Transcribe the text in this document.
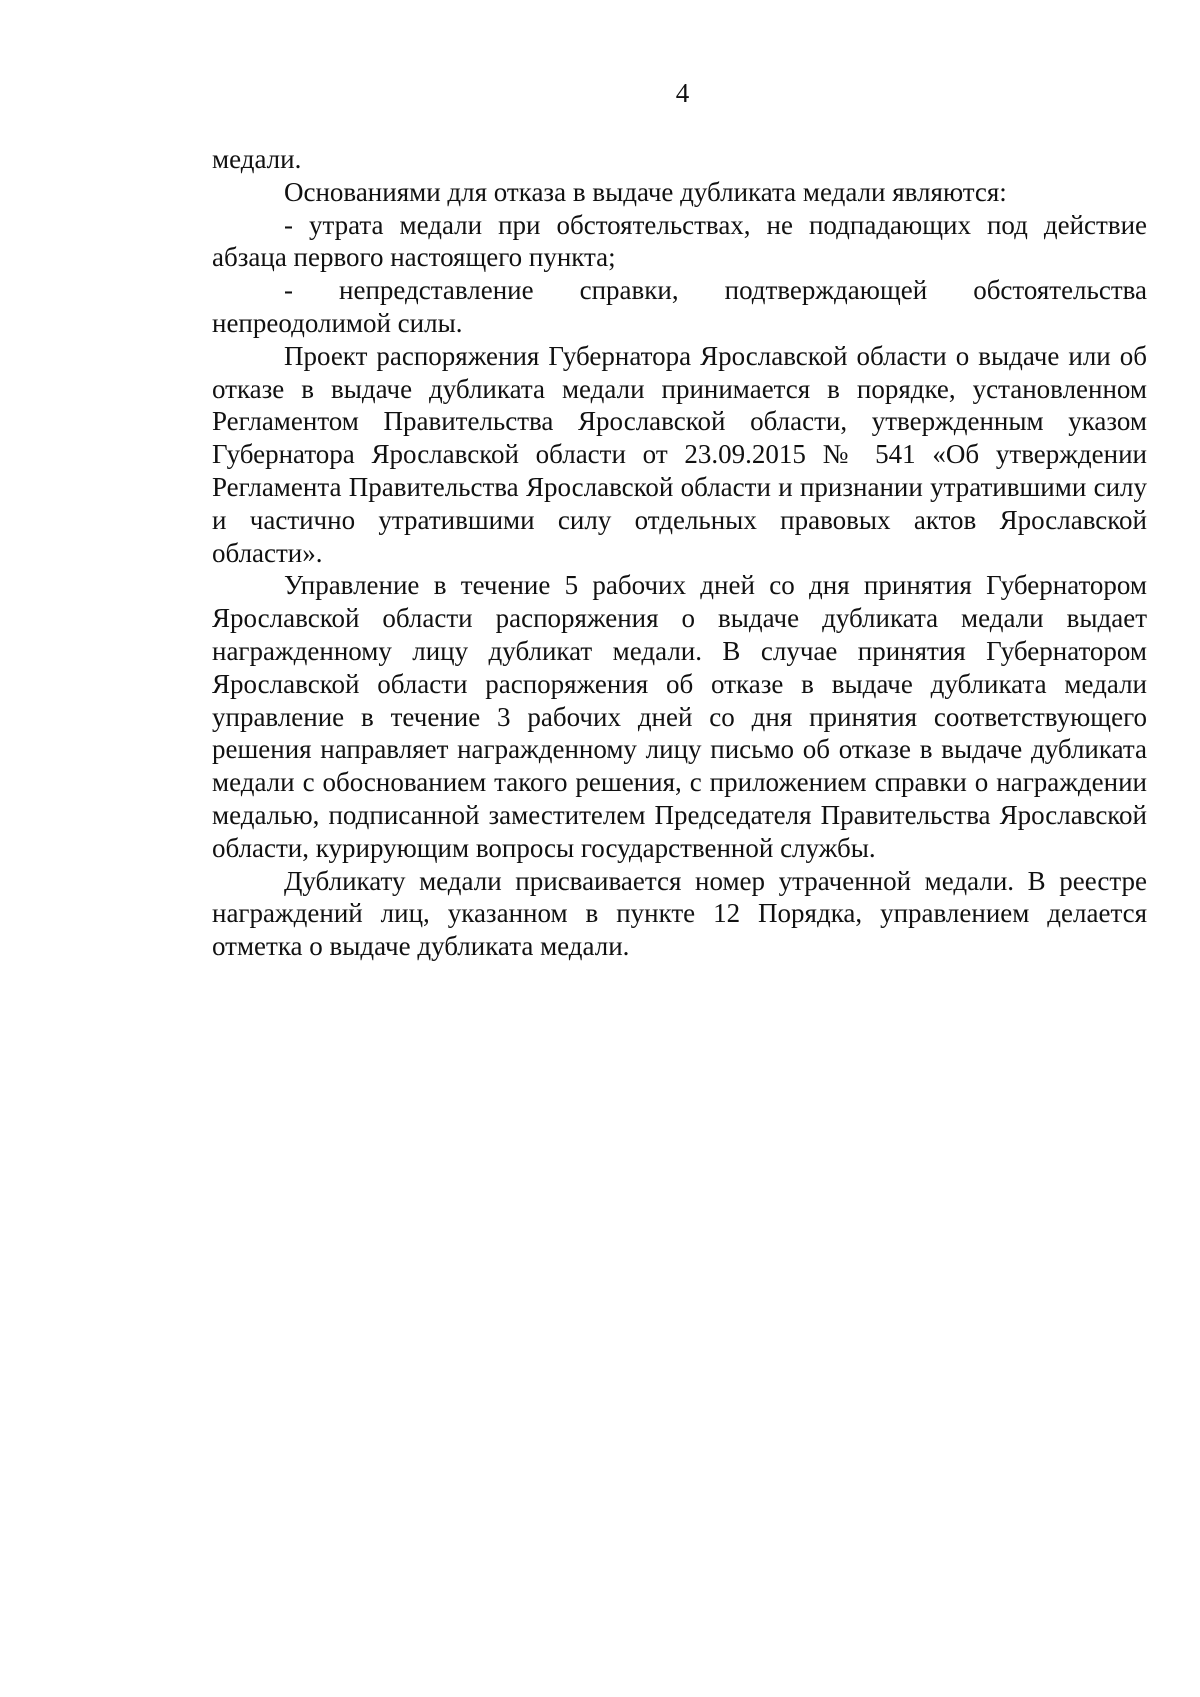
4

медали.

Основаниями для отказа в выдаче дубликата медали являются:

- утрата медали при обстоятельствах, не подпадающих под действие абзаца первого настоящего пункта;

- непредставление справки, подтверждающей обстоятельства непреодолимой силы.

Проект распоряжения Губернатора Ярославской области о выдаче или об отказе в выдаче дубликата медали принимается в порядке, установленном Регламентом Правительства Ярославской области, утвержденным указом Губернатора Ярославской области от 23.09.2015 № 541 «Об утверждении Регламента Правительства Ярославской области и признании утратившими силу и частично утратившими силу отдельных правовых актов Ярославской области».

Управление в течение 5 рабочих дней со дня принятия Губернатором Ярославской области распоряжения о выдаче дубликата медали выдает награжденному лицу дубликат медали. В случае принятия Губернатором Ярославской области распоряжения об отказе в выдаче дубликата медали управление в течение 3 рабочих дней со дня принятия соответствующего решения направляет награжденному лицу письмо об отказе в выдаче дубликата медали с обоснованием такого решения, с приложением справки о награждении медалью, подписанной заместителем Председателя Правительства Ярославской области, курирующим вопросы государственной службы.

Дубликату медали присваивается номер утраченной медали. В реестре награждений лиц, указанном в пункте 12 Порядка, управлением делается отметка о выдаче дубликата медали.
